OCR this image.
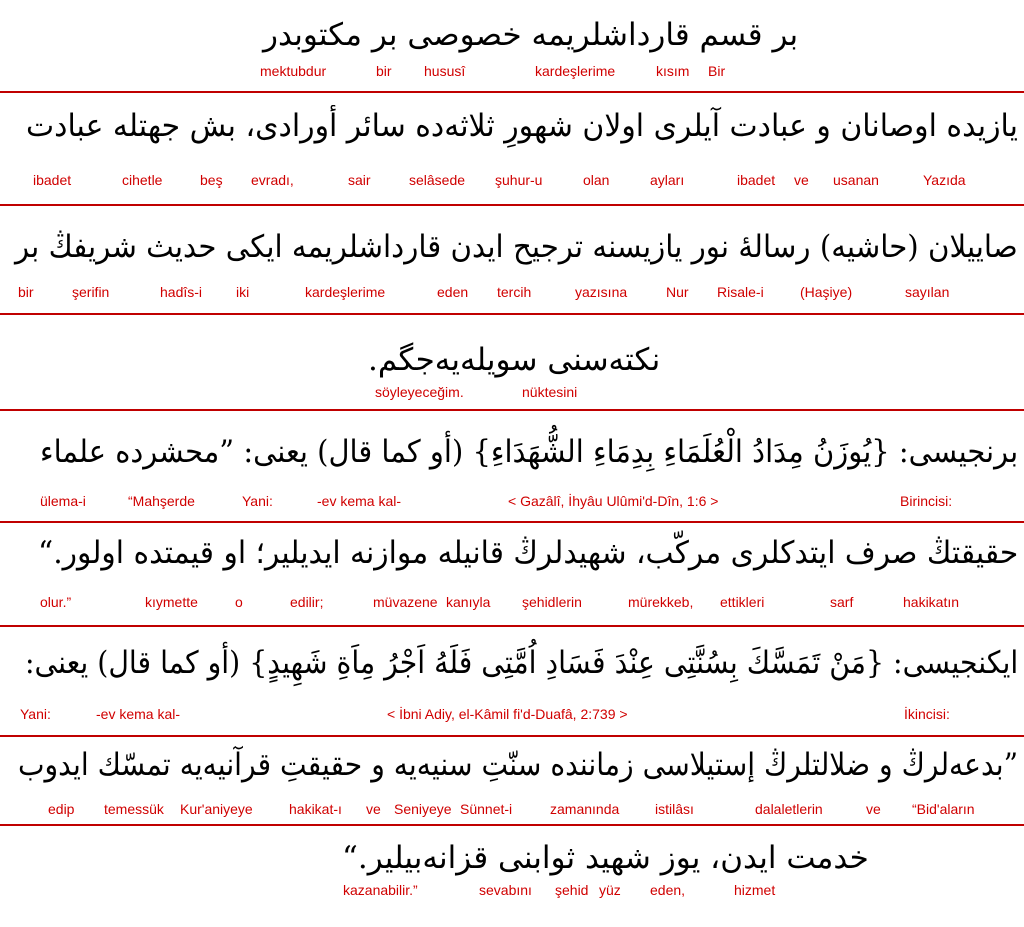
بر قسم قارداشلريمه خصوصى بر مكتوبدر
mektubdur	bir hususî	kardeşlerime	kısım Bir
يازيده اوصانان و عبادت آيلرى اولان شهورِ ثلاثەده سائر أورادى، بش جهتله عبادت
ibadet	cihetle	beş evradı,	sair	selâsede şuhur-u	olan	ayları	ibadet ve usanan	Yazıda
صاييلان (حاشيه) رسالۀ نور يازيسنه ترجيح ايدن قارداشلريمه ايكى حديث شريفڭ بر
bir	şerifin	hadîs-i iki	kardeşlerime	eden tercih	yazısına	Nur Risale-i	(Haşiye)	sayılan
نكتەسنى سويلەيەجگم.
söyleyeceğim.	nüktesini
برنجيسى: {يُوزَنُ مِدَادُ الْعُلَمَاءِ بِدِمَاءِ الشُّهَدَاءِ} (أو كما قال) يعنى: ”محشرده علماء
ülema-i	“Mahşerde	Yani:	-ev kema kal-	< Gazâlî, İhyâu Ulûmi'd-Dîn, 1:6 >	Birincisi:
حقيقتڭ صرف ايتدكلرى مركّب، شهيدلرڭ قانيله موازنه ايديلير؛ او قيمتده اولور.“
olur.”	kıymette	o	edilir;	müvazene kanıyla şehidlerin	mürekkeb, ettikleri	sarf	hakikatın
ايكنجيسى: {مَنْ تَمَسَّكَ بِسُنَّتِى عِنْدَ فَسَادِ اُمَّتِى فَلَهُ اَجْرُ مِاَةِ شَهِيدٍ} (أو كما قال) يعنى:
Yani:	-ev kema kal-	< İbni Adiy, el-Kâmil fi'd-Duafâ, 2:739 >	İkincisi:
”بدعەلرڭ و ضلالتلرڭ إستيلاسى زماننده سنّتِ سنيەيه و حقيقتِ قرآنيەيه تمسّك ايدوب
edip temessük Kur'aniyeye	hakikat-ı ve Seniyeye Sünnet-i	zamanında	istilâsı	dalaletlerin	ve “Bid'aların
خدمت ايدن، يوز شهيد ثوابنى قزانەبيلير.“
kazanabilir.”	sevabını şehid yüz eden,	hizmet
